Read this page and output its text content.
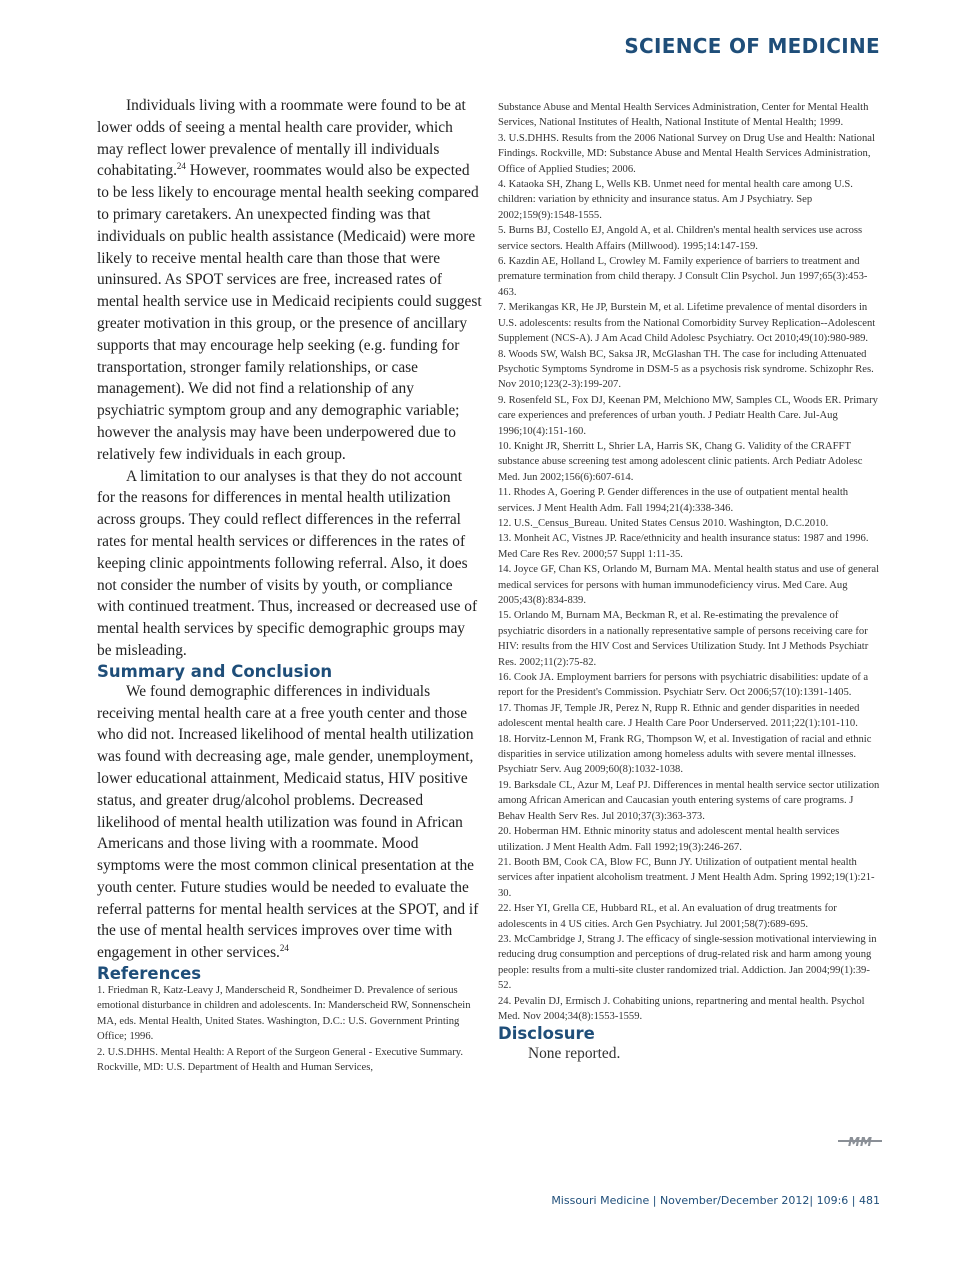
SCIENCE OF MEDICINE

Individuals living with a roommate were found to be at lower odds of seeing a mental health care provider, which may reflect lower prevalence of mentally ill individuals cohabitating.$^{24}$ However, roommates would also be expected to be less likely to encourage mental health seeking compared to primary caretakers. An unexpected finding was that individuals on public health assistance (Medicaid) were more likely to receive mental health care than those that were uninsured. As SPOT services are free, increased rates of mental health service use in Medicaid recipients could suggest greater motivation in this group, or the presence of ancillary supports that may encourage help seeking (e.g. funding for transportation, stronger family relationships, or case management). We did not find a relationship of any psychiatric symptom group and any demographic variable; however the analysis may have been underpowered due to relatively few individuals in each group.

A limitation to our analyses is that they do not account for the reasons for differences in mental health utilization across groups. They could reflect differences in the referral rates for mental health services or differences in the rates of keeping clinic appointments following referral. Also, it does not consider the number of visits by youth, or compliance with continued treatment. Thus, increased or decreased use of mental health services by specific demographic groups may be misleading.

Summary and Conclusion

We found demographic differences in individuals receiving mental health care at a free youth center and those who did not. Increased likelihood of mental health utilization was found with decreasing age, male gender, unemployment, lower educational attainment, Medicaid status, HIV positive status, and greater drug/alcohol problems. Decreased likelihood of mental health utilization was found in African Americans and those living with a roommate. Mood symptoms were the most common clinical presentation at the youth center. Future studies would be needed to evaluate the referral patterns for mental health services at the SPOT, and if the use of mental health services improves over time with engagement in other services.$^{24}$

References
1. Friedman R, Katz-Leavy J, Manderscheid R, Sondheimer D. Prevalence of serious emotional disturbance in children and adolescents. In: Manderscheid RW, Sonnenschein MA, eds. Mental Health, United States. Washington, D.C.: U.S. Government Printing Office; 1996.
2. U.S.DHHS. Mental Health: A Report of the Surgeon General - Executive Summary. Rockville, MD: U.S. Department of Health and Human Services,
Substance Abuse and Mental Health Services Administration, Center for Mental Health Services, National Institutes of Health, National Institute of Mental Health; 1999.
3. U.S.DHHS. Results from the 2006 National Survey on Drug Use and Health: National Findings. Rockville, MD: Substance Abuse and Mental Health Services Administration, Office of Applied Studies; 2006.
4. Kataoka SH, Zhang L, Wells KB. Unmet need for mental health care among U.S. children: variation by ethnicity and insurance status. Am J Psychiatry. Sep 2002;159(9):1548-1555.
5. Burns BJ, Costello EJ, Angold A, et al. Children's mental health services use across service sectors. Health Affairs (Millwood). 1995;14:147-159.
6. Kazdin AE, Holland L, Crowley M. Family experience of barriers to treatment and premature termination from child therapy. J Consult Clin Psychol. Jun 1997;65(3):453-463.
7. Merikangas KR, He JP, Burstein M, et al. Lifetime prevalence of mental disorders in U.S. adolescents: results from the National Comorbidity Survey Replication--Adolescent Supplement (NCS-A). J Am Acad Child Adolesc Psychiatry. Oct 2010;49(10):980-989.
8. Woods SW, Walsh BC, Saksa JR, McGlashan TH. The case for including Attenuated Psychotic Symptoms Syndrome in DSM-5 as a psychosis risk syndrome. Schizophr Res. Nov 2010;123(2-3):199-207.
9. Rosenfeld SL, Fox DJ, Keenan PM, Melchiono MW, Samples CL, Woods ER. Primary care experiences and preferences of urban youth. J Pediatr Health Care. Jul-Aug 1996;10(4):151-160.
10. Knight JR, Sherritt L, Shrier LA, Harris SK, Chang G. Validity of the CRAFFT substance abuse screening test among adolescent clinic patients. Arch Pediatr Adolesc Med. Jun 2002;156(6):607-614.
11. Rhodes A, Goering P. Gender differences in the use of outpatient mental health services. J Ment Health Adm. Fall 1994;21(4):338-346.
12. U.S._Census_Bureau. United States Census 2010. Washington, D.C.2010.
13. Monheit AC, Vistnes JP. Race/ethnicity and health insurance status: 1987 and 1996. Med Care Res Rev. 2000;57 Suppl 1:11-35.
14. Joyce GF, Chan KS, Orlando M, Burnam MA. Mental health status and use of general medical services for persons with human immunodeficiency virus. Med Care. Aug 2005;43(8):834-839.
15. Orlando M, Burnam MA, Beckman R, et al. Re-estimating the prevalence of psychiatric disorders in a nationally representative sample of persons receiving care for HIV: results from the HIV Cost and Services Utilization Study. Int J Methods Psychiatr Res. 2002;11(2):75-82.
16. Cook JA. Employment barriers for persons with psychiatric disabilities: update of a report for the President's Commission. Psychiatr Serv. Oct 2006;57(10):1391-1405.
17. Thomas JF, Temple JR, Perez N, Rupp R. Ethnic and gender disparities in needed adolescent mental health care. J Health Care Poor Underserved. 2011;22(1):101-110.
18. Horvitz-Lennon M, Frank RG, Thompson W, et al. Investigation of racial and ethnic disparities in service utilization among homeless adults with severe mental illnesses. Psychiatr Serv. Aug 2009;60(8):1032-1038.
19. Barksdale CL, Azur M, Leaf PJ. Differences in mental health service sector utilization among African American and Caucasian youth entering systems of care programs. J Behav Health Serv Res. Jul 2010;37(3):363-373.
20. Hoberman HM. Ethnic minority status and adolescent mental health services utilization. J Ment Health Adm. Fall 1992;19(3):246-267.
21. Booth BM, Cook CA, Blow FC, Bunn JY. Utilization of outpatient mental health services after inpatient alcoholism treatment. J Ment Health Adm. Spring 1992;19(1):21-30.
22. Hser YI, Grella CE, Hubbard RL, et al. An evaluation of drug treatments for adolescents in 4 US cities. Arch Gen Psychiatry. Jul 2001;58(7):689-695.
23. McCambridge J, Strang J. The efficacy of single-session motivational interviewing in reducing drug consumption and perceptions of drug-related risk and harm among young people: results from a multi-site cluster randomized trial. Addiction. Jan 2004;99(1):39-52.
24. Pevalin DJ, Ermisch J. Cohabiting unions, repartnering and mental health. Psychol Med. Nov 2004;34(8):1553-1559.
Disclosure

None reported.

MM
Missouri Medicine | November/December 2012| 109:6 | 481
